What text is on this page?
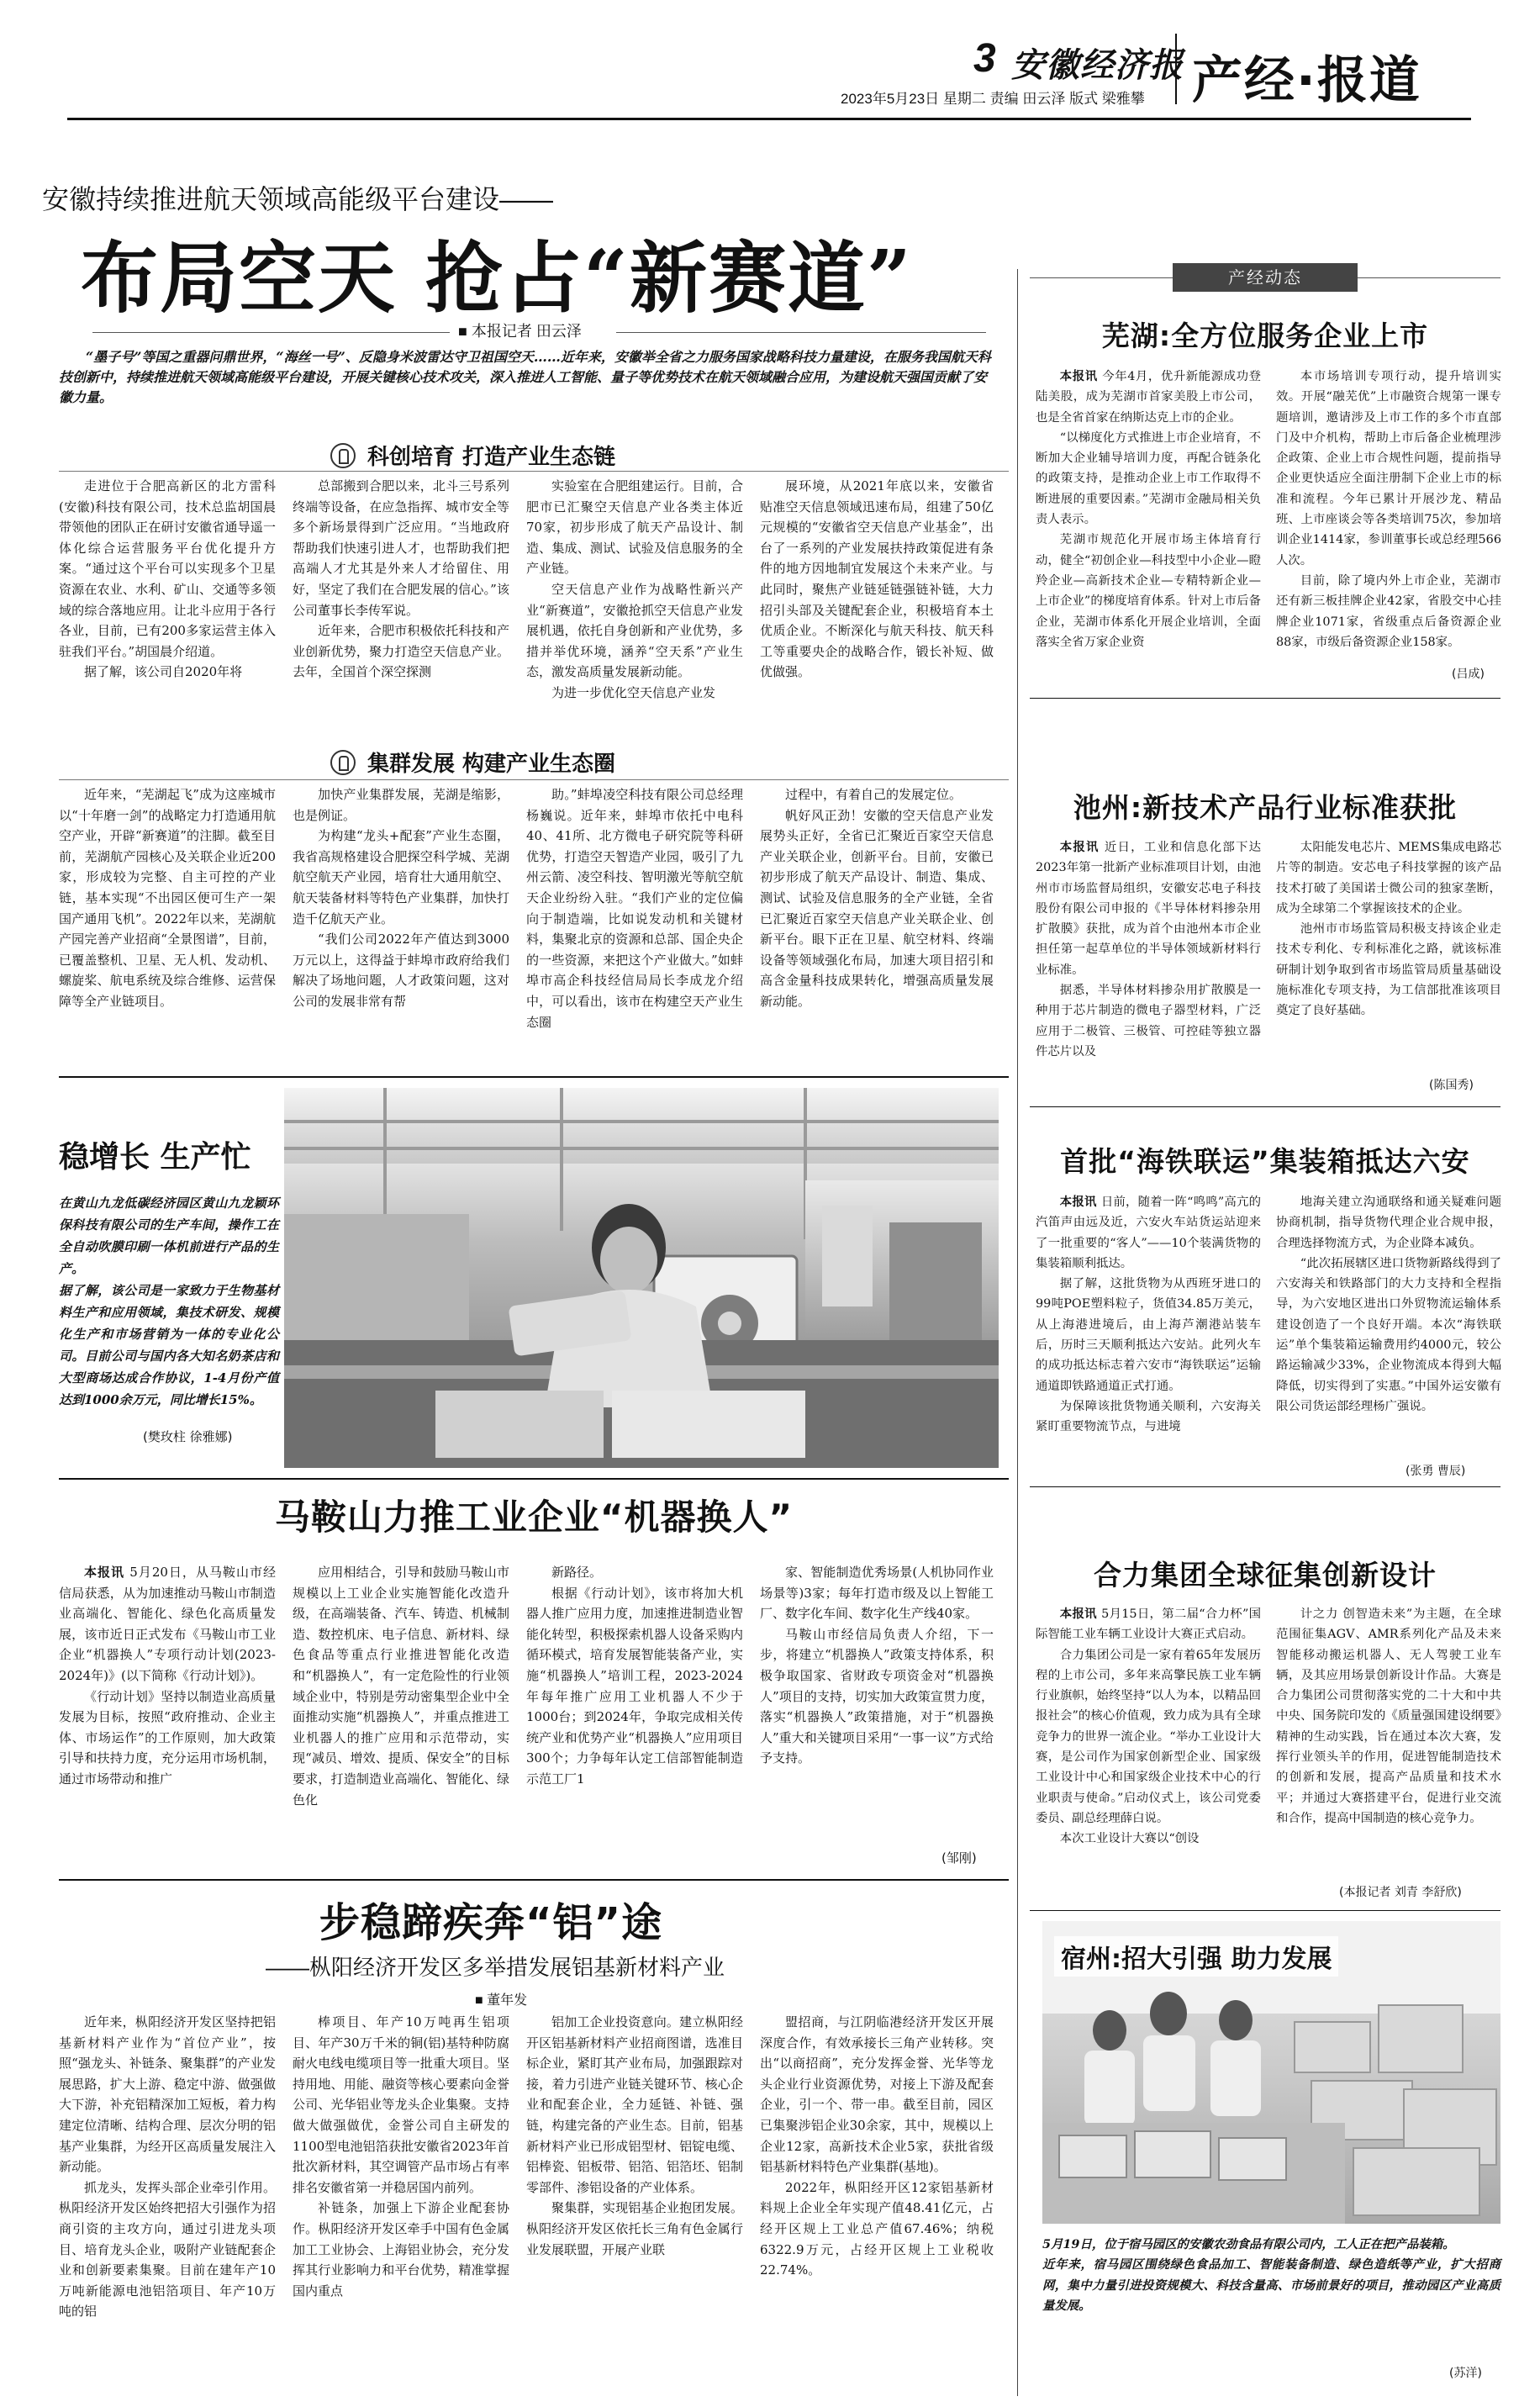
3 安徽经济报
2023年5月23日 星期二 责编 田云泽 版式 梁雅攀 产经·报道
安徽持续推进航天领域高能级平台建设——
布局空天 抢占“新赛道”
■ 本报记者 田云泽
“墨子号”等国之重器问鼎世界，“海丝一号”、反隐身米波雷达守卫祖国空天……近年来，安徽举全省之力服务国家战略科技力量建设，在服务我国航天科技创新中，持续推进航天领域高能级平台建设，开展关键核心技术攻关，深入推进人工智能、量子等优势技术在航天领域融合应用，为建设航天强国贡献了安徽力量。
科创培育 打造产业生态链

走进位于合肥高新区的北方雷科(安徽)科技有限公司，技术总监胡国晨带领他的团队正在研讨安徽省通导遥一体化综合运营服务平台优化提升方案。“通过这个平台可以实现多个卫星资源在农业、水利、矿山、交通等多领域的综合落地应用。让北斗应用于各行各业，目前，已有200多家运营主体入驻我们平台。”胡国晨介绍道。

据了解，该公司自2020年将

总部搬到合肥以来，北斗三号系列终端等设备，在应急指挥、城市安全等多个新场景得到广泛应用。“当地政府帮助我们快速引进人才，也帮助我们把高端人才尤其是外来人才给留住、用好，坚定了我们在合肥发展的信心。”该公司董事长李传军说。

近年来，合肥市积极依托科技和产业创新优势，聚力打造空天信息产业。去年，全国首个深空探测

实验室在合肥组建运行。目前，合肥市已汇聚空天信息产业各类主体近70家，初步形成了航天产品设计、制造、集成、测试、试验及信息服务的全产业链。

空天信息产业作为战略性新兴产业“新赛道”，安徽抢抓空天信息产业发展机遇，依托自身创新和产业优势，多措并举优环境，涵养“空天系”产业生态，激发高质量发展新动能。

为进一步优化空天信息产业发

展环境，从2021年底以来，安徽省贴准空天信息领域迅速布局，组建了50亿元规模的“安徽省空天信息产业基金”，出台了一系列的产业发展扶持政策促进有条件的地方因地制宜发展这个未来产业。与此同时，聚焦产业链延链强链补链，大力招引头部及关键配套企业，积极培育本土优质企业。不断深化与航天科技、航天科工等重要央企的战略合作，锻长补短、做优做强。

集群发展 构建产业生态圈

近年来，“芜湖起飞”成为这座城市以“十年磨一剑”的战略定力打造通用航空产业，开辟“新赛道”的注脚。截至目前，芜湖航产园核心及关联企业近200家，形成较为完整、自主可控的产业链，基本实现“不出园区便可生产一架国产通用飞机”。2022年以来，芜湖航产园完善产业招商“全景图谱”，目前，已覆盖整机、卫星、无人机、发动机、螺旋桨、航电系统及综合维修、运营保障等全产业链项目。

加快产业集群发展，芜湖是缩影，也是例证。

为构建“龙头+配套”产业生态圈，我省高规格建设合肥探空科学城、芜湖航空航天产业园，培育壮大通用航空、航天装备材料等特色产业集群，加快打造千亿航天产业。

“我们公司2022年产值达到3000万元以上，这得益于蚌埠市政府给我们解决了场地问题，人才政策问题，这对公司的发展非常有帮

助。”蚌埠凌空科技有限公司总经理杨巍说。近年来，蚌埠市依托中电科40、41所、北方微电子研究院等科研优势，打造空天智造产业园，吸引了九州云箭、凌空科技、智明激光等航空航天企业纷纷入驻。“我们产业的定位偏向于制造端，比如说发动机和关键材料，集聚北京的资源和总部、国企央企的一些资源，来把这个产业做大。”如蚌埠市高企科技经信局局长李成龙介绍中，可以看出，该市在构建空天产业生态圈

过程中，有着自己的发展定位。

帆好风正劲！安徽的空天信息产业发展势头正好，全省已汇聚近百家空天信息产业关联企业，创新平台。目前，安徽已初步形成了航天产品设计、制造、集成、测试、试验及信息服务的全产业链，全省已汇聚近百家空天信息产业关联企业、创新平台。眼下正在卫星、航空材料、终端设备等领域强化布局，加速大项目招引和高含金量科技成果转化，增强高质量发展新动能。

稳增长 生产忙

在黄山九龙低碳经济园区黄山九龙颖环保科技有限公司的生产车间，操作工在全自动吹膜印刷一体机前进行产品的生产。

据了解，该公司是一家致力于生物基材料生产和应用领域，集技术研发、规模化生产和市场营销为一体的专业化公司。目前公司与国内各大知名奶茶店和大型商场达成合作协议，1-4月份产值达到1000余万元，同比增长15%。

(樊玫柱 徐雅娜)
马鞍山力推工业企业“机器换人”

本报讯 5月20日，从马鞍山市经信局获悉，从为加速推动马鞍山市制造业高端化、智能化、绿色化高质量发展，该市近日正式发布《马鞍山市工业企业“机器换人”专项行动计划(2023-2024年)》(以下简称《行动计划》)。

《行动计划》坚持以制造业高质量发展为目标，按照“政府推动、企业主体、市场运作”的工作原则，加大政策引导和扶持力度，充分运用市场机制，通过市场带动和推广

应用相结合，引导和鼓励马鞍山市规模以上工业企业实施智能化改造升级，在高端装备、汽车、铸造、机械制造、数控机床、电子信息、新材料、绿色食品等重点行业推进智能化改造和“机器换人”，有一定危险性的行业领域企业中，特别是劳动密集型企业中全面推动实施“机器换人”，并重点推进工业机器人的推广应用和示范带动，实现“减员、增效、提质、保安全”的目标要求，打造制造业高端化、智能化、绿色化

新路径。

根据《行动计划》，该市将加大机器人推广应用力度，加速推进制造业智能化转型，积极探索机器人设备采购内循环模式，培育发展智能装备产业，实施“机器换人”培训工程，2023-2024年每年推广应用工业机器人不少于1000台；到2024年，争取完成相关传统产业和优势产业“机器换人”应用项目300个；力争每年认定工信部智能制造示范工厂1

家、智能制造优秀场景(人机协同作业场景等)3家；每年打造市级及以上智能工厂、数字化车间、数字化生产线40家。

马鞍山市经信局负责人介绍，下一步，将建立“机器换人”政策支持体系，积极争取国家、省财政专项资金对“机器换人”项目的支持，切实加大政策宣贯力度，落实“机器换人”政策措施，对于“机器换人”重大和关键项目采用“一事一议”方式给予支持。

(邹刚)
步稳蹄疾奔“铝”途
——枞阳经济开发区多举措发展铝基新材料产业
■ 董年发

近年来，枞阳经济开发区坚持把铝基新材料产业作为“首位产业”，按照“强龙头、补链条、聚集群”的产业发展思路，扩大上游、稳定中游、做强做大下游，补充铝精深加工短板，着力构建定位清晰、结构合理、层次分明的铝基产业集群，为经开区高质量发展注入新动能。

抓龙头，发挥头部企业牵引作用。枞阳经济开发区始终把招大引强作为招商引资的主攻方向，通过引进龙头项目、培育龙头企业，吸附产业链配套企业和创新要素集聚。目前在建年产10万吨新能源电池铝箔项目、年产10万吨的铝

棒项目、年产10万吨再生铝项目、年产30万千米的铜(铝)基特种防腐耐火电线电缆项目等一批重大项目。坚持用地、用能、融资等核心要素向金誉公司、光华铝业等龙头企业集聚。支持做大做强做优，金誉公司自主研发的1100型电池铝箔获批安徽省2023年首批次新材料，其空调管产品市场占有率排名安徽省第一并稳居国内前列。

补链条，加强上下游企业配套协作。枞阳经济开发区牵手中国有色金属加工工业协会、上海铝业协会，充分发挥其行业影响力和平台优势，精准掌握国内重点

铝加工企业投资意向。建立枞阳经开区铝基新材料产业招商图谱，选准目标企业，紧盯其产业布局，加强跟踪对接，着力引进产业链关键环节、核心企业和配套企业，全力延链、补链、强链，构建完备的产业生态。目前，铝基新材料产业已形成铝型材、铝锭电缆、铝棒瓷、铝板带、铝箔、铝箔坯、铝制零部件、渗铝设备的产业体系。

聚集群，实现铝基企业抱团发展。枞阳经济开发区依托长三角有色金属行业发展联盟，开展产业联

盟招商，与江阴临港经济开发区开展深度合作，有效承接长三角产业转移。突出“以商招商”，充分发挥金誉、光华等龙头企业行业资源优势，对接上下游及配套企业，引一个、带一串。截至目前，园区已集聚涉铝企业30余家，其中，规模以上企业12家，高新技术企业5家，获批省级铝基新材料特色产业集群(基地)。

2022年，枞阳经开区12家铝基新材料规上企业全年实现产值48.41亿元，占经开区规上工业总产值67.46%；纳税6322.9万元，占经开区规上工业税收22.74%。

产经动态
芜湖:全方位服务企业上市

本报讯 今年4月，优升新能源成功登陆美股，成为芜湖市首家美股上市公司，也是全省首家在纳斯达克上市的企业。

“以梯度化方式推进上市企业培育，不断加大企业辅导培训力度，再配合链条化的政策支持，是推动企业上市工作取得不断进展的重要因素。”芜湖市金融局相关负责人表示。

芜湖市规范化开展市场主体培育行动，健全“初创企业—科技型中小企业—瞪羚企业—高新技术企业—专精特新企业—上市企业”的梯度培育体系。针对上市后备企业，芜湖市体系化开展企业培训，全面落实全省万家企业资

本市场培训专项行动，提升培训实效。开展“融芜优”上市融资合规第一课专题培训，邀请涉及上市工作的多个市直部门及中介机构，帮助上市后备企业梳理涉企政策、企业上市合规性问题，提前指导企业更快适应全面注册制下企业上市的标准和流程。今年已累计开展沙龙、精品班、上市座谈会等各类培训75次，参加培训企业1414家，参训董事长或总经理566人次。

目前，除了境内外上市企业，芜湖市还有新三板挂牌企业42家，省股交中心挂牌企业1071家，省级重点后备资源企业88家，市级后备资源企业158家。

(吕成)
池州:新技术产品行业标准获批

本报讯 近日，工业和信息化部下达2023年第一批新产业标准项目计划，由池州市市场监督局组织，安徽安芯电子科技股份有限公司申报的《半导体材料掺杂用扩散膜》获批，成为首个由池州本市企业担任第一起草单位的半导体领域新材料行业标准。

据悉，半导体材料掺杂用扩散膜是一种用于芯片制造的微电子器型材料，广泛应用于二极管、三极管、可控硅等独立器件芯片以及

太阳能发电芯片、MEMS集成电路芯片等的制造。安芯电子科技掌握的该产品技术打破了美国诺士微公司的独家垄断，成为全球第二个掌握该技术的企业。

池州市市场监管局积极支持该企业走技术专利化、专利标准化之路，就该标准研制计划争取到省市场监管局质量基础设施标准化专项支持，为工信部批准该项目奠定了良好基础。

(陈国秀)
首批“海铁联运”集装箱抵达六安

本报讯 日前，随着一阵“鸣鸣”高亢的汽笛声由远及近，六安火车站货运站迎来了一批重要的“客人”——10个装满货物的集装箱顺利抵达。

据了解，这批货物为从西班牙进口的99吨POE塑料粒子，货值34.85万美元，从上海港进境后，由上海芦潮港站装车后，历时三天顺利抵达六安站。此列火车的成功抵达标志着六安市“海铁联运”运输通道即铁路通道正式打通。

为保障该批货物通关顺利，六安海关紧盯重要物流节点，与进境

地海关建立沟通联络和通关疑难问题协商机制，指导货物代理企业合规申报，合理选择物流方式，为企业降本减负。

“此次拓展辖区进口货物新路线得到了六安海关和铁路部门的大力支持和全程指导，为六安地区进出口外贸物流运输体系建设创造了一个良好开端。本次“海铁联运”单个集装箱运输费用约4000元，较公路运输减少33%，企业物流成本得到大幅降低，切实得到了实惠。”中国外运安徽有限公司货运部经理杨广强说。

(张勇 曹辰)
合力集团全球征集创新设计

本报讯 5月15日，第二届“合力杯”国际智能工业车辆工业设计大赛正式启动。

合力集团公司是一家有着65年发展历程的上市公司，多年来高擎民族工业车辆行业旗帜，始终坚持“以人为本，以精品回报社会”的核心价值观，致力成为具有全球竞争力的世界一流企业。“举办工业设计大赛，是公司作为国家创新型企业、国家级工业设计中心和国家级企业技术中心的行业职责与使命。”启动仪式上，该公司党委委员、副总经理薛白说。

本次工业设计大赛以“创设

计之力 创智造未来”为主题，在全球范围征集AGV、AMR系列化产品及未来智能移动搬运机器人、无人驾驶工业车辆，及其应用场景创新设计作品。大赛是合力集团公司贯彻落实党的二十大和中共中央、国务院印发的《质量强国建设纲要》精神的生动实践，旨在通过本次大赛，发挥行业领头羊的作用，促进智能制造技术的创新和发展，提高产品质量和技术水平；并通过大赛搭建平台，促进行业交流和合作，提高中国制造的核心竞争力。

(本报记者 刘青 李舒欣)
宿州:招大引强 助力发展

5月19日，位于宿马园区的安徽农劲食品有限公司内，工人正在把产品装箱。

近年来，宿马园区围绕绿色食品加工、智能装备制造、绿色造纸等产业，扩大招商网，集中力量引进投资规模大、科技含量高、市场前景好的项目，推动园区产业高质量发展。

(苏洋)
